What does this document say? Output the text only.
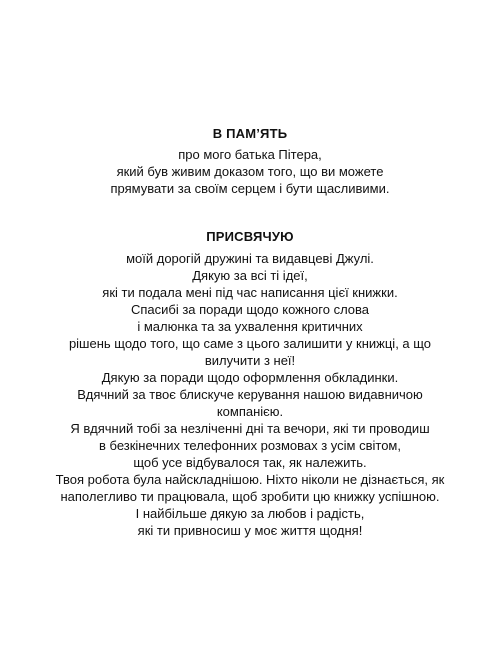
В ПАМ’ЯТЬ
про мого батька Пітера,
який був живим доказом того, що ви можете
прямувати за своїм серцем і бути щасливими.
ПРИСВЯЧУЮ
моїй дорогій дружині та видавцеві Джулі.
Дякую за всі ті ідеї,
які ти подала мені під час написання цієї книжки.
Спасибі за поради щодо кожного слова
і малюнка та за ухвалення критичних
рішень щодо того, що саме з цього залишити у книжці, а що
вилучити з неї!
Дякую за поради щодо оформлення обкладинки.
Вдячний за твоє блискуче керування нашою видавничою
компанією.
Я вдячний тобі за незліченні дні та вечори, які ти проводиш
в безкінечних телефонних розмовах з усім світом,
щоб усе відбувалося так, як належить.
Твоя робота була найскладнішою. Ніхто ніколи не дізнається, як
наполегливо ти працювала, щоб зробити цю книжку успішною.
І найбільше дякую за любов і радість,
які ти привносиш у моє життя щодня!
